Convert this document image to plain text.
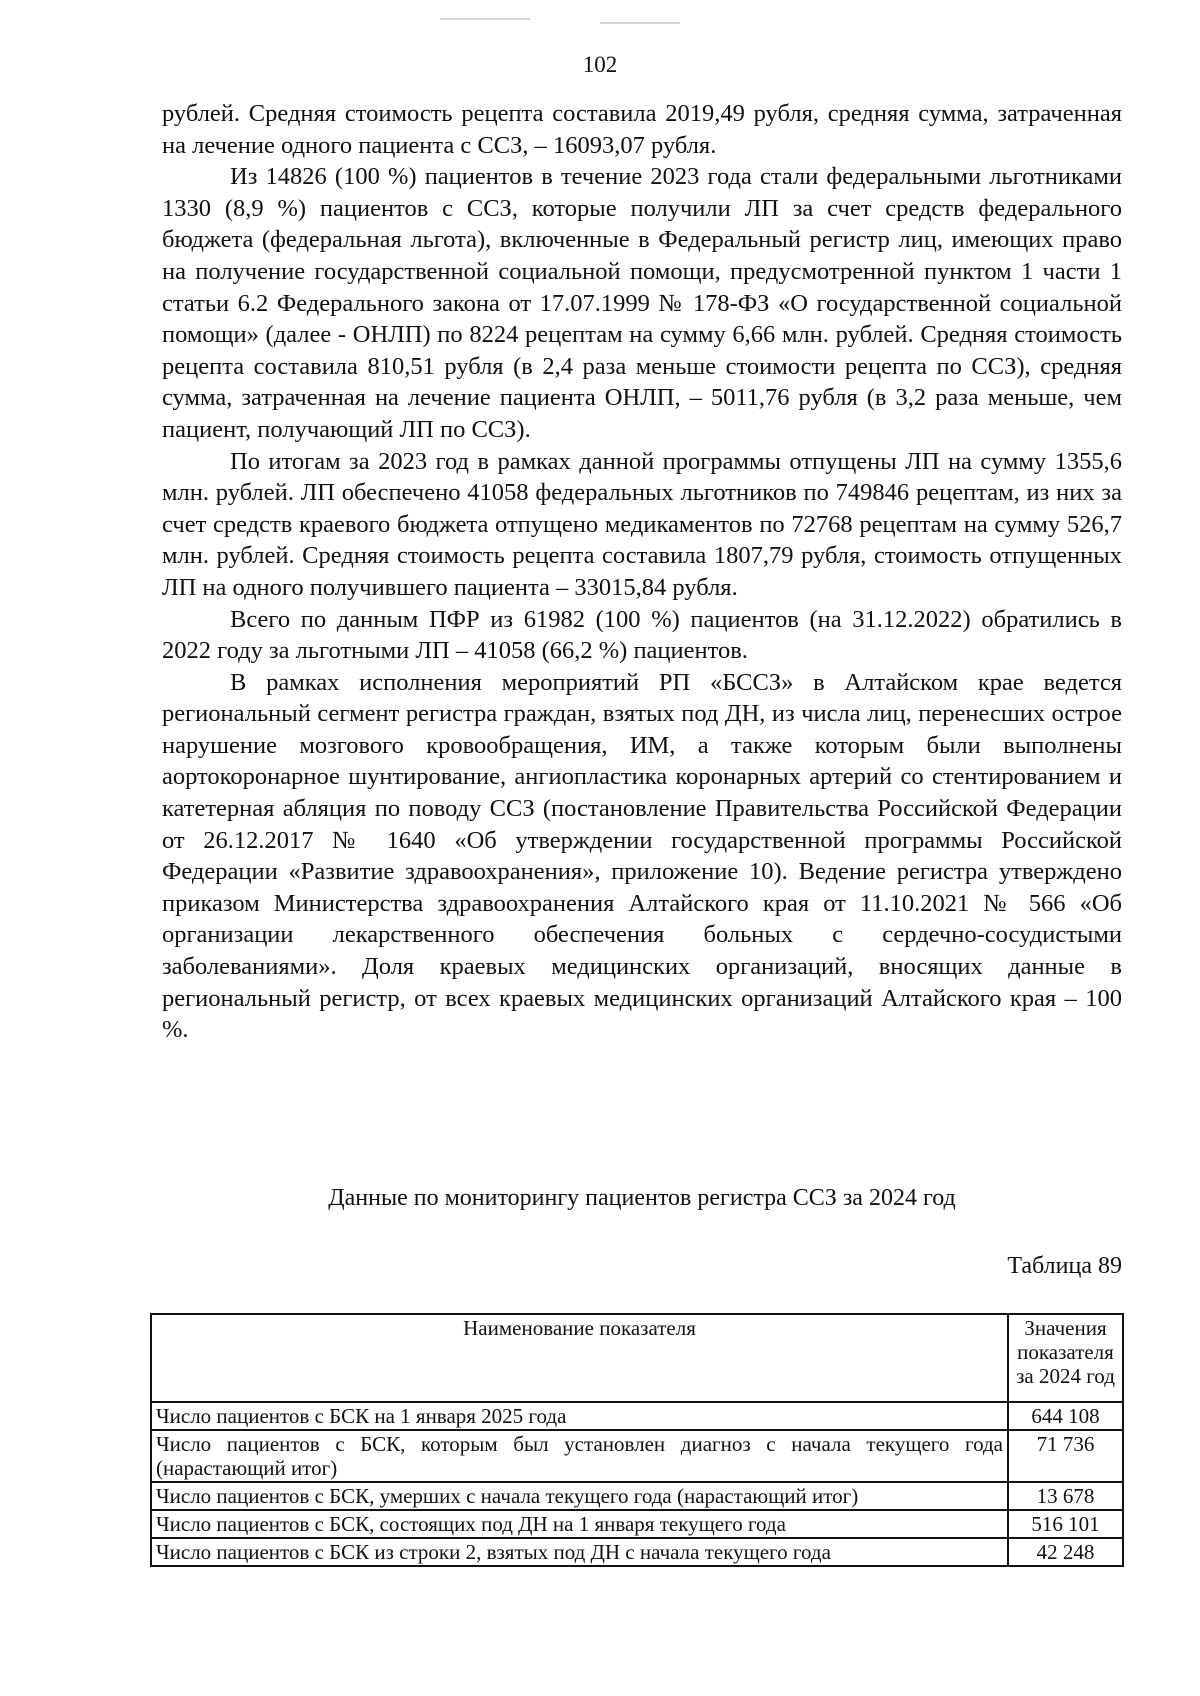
102

рублей. Средняя стоимость рецепта составила 2019,49 рубля, средняя сумма, затраченная на лечение одного пациента с ССЗ, – 16093,07 рубля.

Из 14826 (100 %) пациентов в течение 2023 года стали федеральными льготниками 1330 (8,9 %) пациентов с ССЗ, которые получили ЛП за счет средств федерального бюджета (федеральная льгота), включенные в Федеральный регистр лиц, имеющих право на получение государственной социальной помощи, предусмотренной пунктом 1 части 1 статьи 6.2 Федерального закона от 17.07.1999 № 178-ФЗ «О государственной социальной помощи» (далее - ОНЛП) по 8224 рецептам на сумму 6,66 млн. рублей. Средняя стоимость рецепта составила 810,51 рубля (в 2,4 раза меньше стоимости рецепта по ССЗ), средняя сумма, затраченная на лечение пациента ОНЛП, – 5011,76 рубля (в 3,2 раза меньше, чем пациент, получающий ЛП по ССЗ).

По итогам за 2023 год в рамках данной программы отпущены ЛП на сумму 1355,6 млн. рублей. ЛП обеспечено 41058 федеральных льготников по 749846 рецептам, из них за счет средств краевого бюджета отпущено медикаментов по 72768 рецептам на сумму 526,7 млн. рублей. Средняя стоимость рецепта составила 1807,79 рубля, стоимость отпущенных ЛП на одного получившего пациента – 33015,84 рубля.

Всего по данным ПФР из 61982 (100 %) пациентов (на 31.12.2022) обратились в 2022 году за льготными ЛП – 41058 (66,2 %) пациентов.

В рамках исполнения мероприятий РП «БССЗ» в Алтайском крае ведется региональный сегмент регистра граждан, взятых под ДН, из числа лиц, перенесших острое нарушение мозгового кровообращения, ИМ, а также которым были выполнены аортокоронарное шунтирование, ангиопластика коронарных артерий со стентированием и катетерная абляция по поводу ССЗ (постановление Правительства Российской Федерации от 26.12.2017 № 1640 «Об утверждении государственной программы Российской Федерации «Развитие здравоохранения», приложение 10). Ведение регистра утверждено приказом Министерства здравоохранения Алтайского края от 11.10.2021 № 566 «Об организации лекарственного обеспечения больных с сердечно-сосудистыми заболеваниями». Доля краевых медицинских организаций, вносящих данные в региональный регистр, от всех краевых медицинских организаций Алтайского края – 100 %.

Данные по мониторингу пациентов регистра ССЗ за 2024 год
Таблица 89
Наименование показателя	Значения показателя за 2024 год
Число пациентов с БСК на 1 января 2025 года	644 108
Число пациентов с БСК, которым был установлен диагноз с начала текущего года (нарастающий итог)	71 736
Число пациентов с БСК, умерших с начала текущего года (нарастающий итог)	13 678
Число пациентов с БСК, состоящих под ДН на 1 января текущего года	516 101
Число пациентов с БСК из строки 2, взятых под ДН с начала текущего года	42 248
